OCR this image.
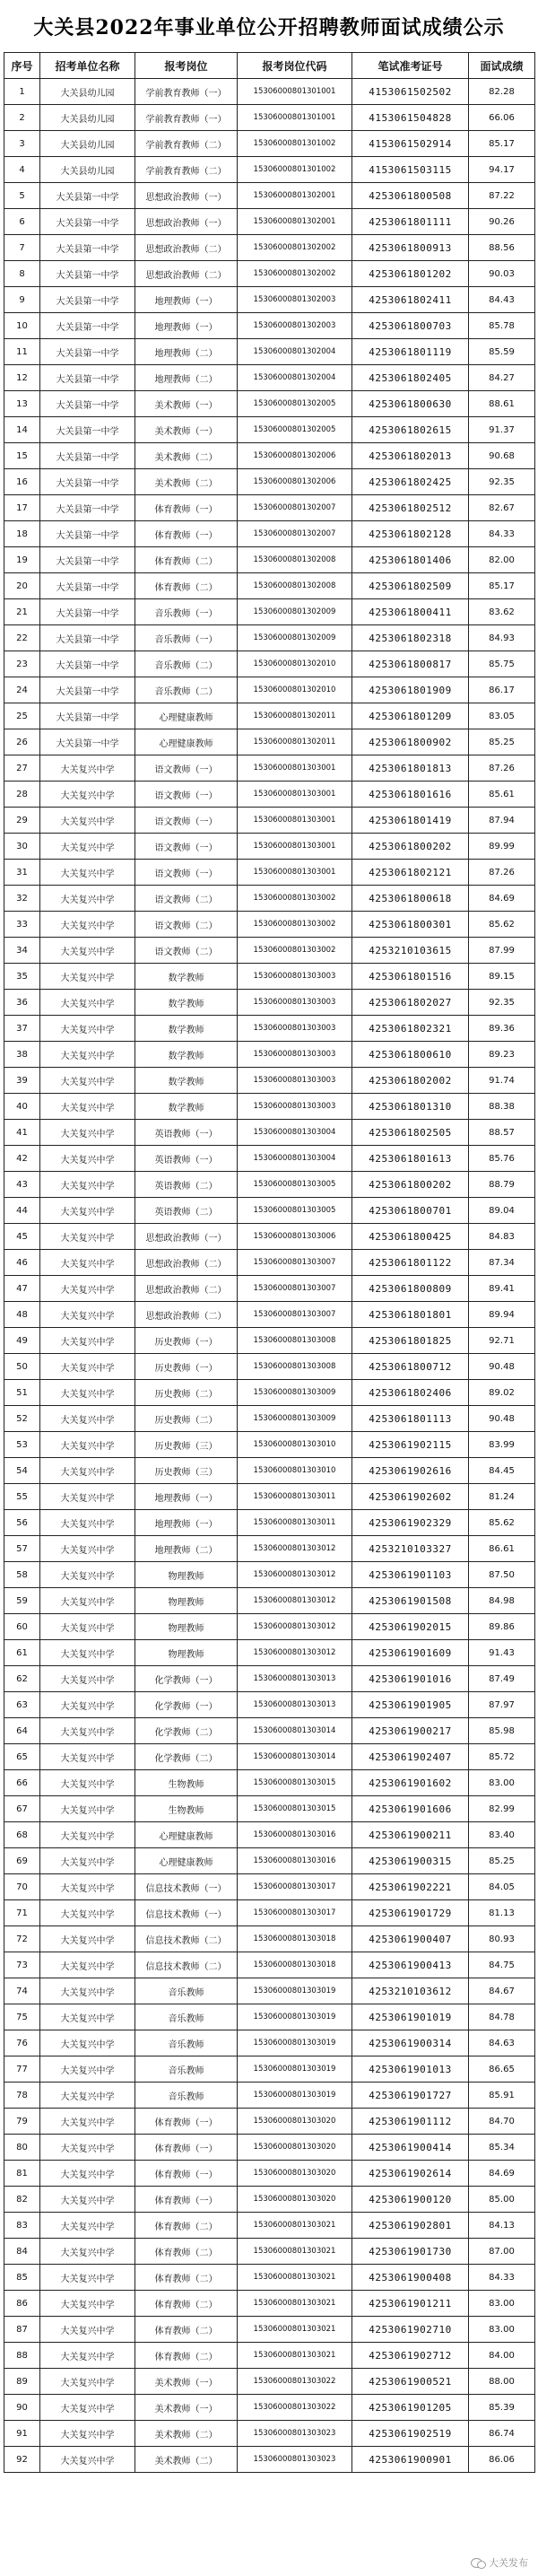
大关县2022年事业单位公开招聘教师面试成绩公示
序号	招考单位名称	报考岗位	报考岗位代码	笔试准考证号	面试成绩
1	大关县幼儿园	学前教育教师（一）	15306000801301001	4153061502502	82.28
2	大关县幼儿园	学前教育教师（一）	15306000801301001	4153061504828	66.06
3	大关县幼儿园	学前教育教师（二）	15306000801301002	4153061502914	85.17
4	大关县幼儿园	学前教育教师（二）	15306000801301002	4153061503115	94.17
5	大关县第一中学	思想政治教师（一）	15306000801302001	4253061800508	87.22
6	大关县第一中学	思想政治教师（一）	15306000801302001	4253061801111	90.26
7	大关县第一中学	思想政治教师（二）	15306000801302002	4253061800913	88.56
8	大关县第一中学	思想政治教师（二）	15306000801302002	4253061801202	90.03
9	大关县第一中学	地理教师（一）	15306000801302003	4253061802411	84.43
10	大关县第一中学	地理教师（一）	15306000801302003	4253061800703	85.78
11	大关县第一中学	地理教师（二）	15306000801302004	4253061801119	85.59
12	大关县第一中学	地理教师（二）	15306000801302004	4253061802405	84.27
13	大关县第一中学	美术教师（一）	15306000801302005	4253061800630	88.61
14	大关县第一中学	美术教师（一）	15306000801302005	4253061802615	91.37
15	大关县第一中学	美术教师（二）	15306000801302006	4253061802013	90.68
16	大关县第一中学	美术教师（二）	15306000801302006	4253061802425	92.35
17	大关县第一中学	体育教师（一）	15306000801302007	4253061802512	82.67
18	大关县第一中学	体育教师（一）	15306000801302007	4253061802128	84.33
19	大关县第一中学	体育教师（二）	15306000801302008	4253061801406	82.00
20	大关县第一中学	体育教师（二）	15306000801302008	4253061802509	85.17
21	大关县第一中学	音乐教师（一）	15306000801302009	4253061800411	83.62
22	大关县第一中学	音乐教师（一）	15306000801302009	4253061802318	84.93
23	大关县第一中学	音乐教师（二）	15306000801302010	4253061800817	85.75
24	大关县第一中学	音乐教师（二）	15306000801302010	4253061801909	86.17
25	大关县第一中学	心理健康教师	15306000801302011	4253061801209	83.05
26	大关县第一中学	心理健康教师	15306000801302011	4253061800902	85.25
27	大关复兴中学	语文教师（一）	15306000801303001	4253061801813	87.26
28	大关复兴中学	语文教师（一）	15306000801303001	4253061801616	85.61
29	大关复兴中学	语文教师（一）	15306000801303001	4253061801419	87.94
30	大关复兴中学	语文教师（一）	15306000801303001	4253061800202	89.99
31	大关复兴中学	语文教师（一）	15306000801303001	4253061802121	87.26
32	大关复兴中学	语文教师（二）	15306000801303002	4253061800618	84.69
33	大关复兴中学	语文教师（二）	15306000801303002	4253061800301	85.62
34	大关复兴中学	语文教师（二）	15306000801303002	4253210103615	87.99
35	大关复兴中学	数学教师	15306000801303003	4253061801516	89.15
36	大关复兴中学	数学教师	15306000801303003	4253061802027	92.35
37	大关复兴中学	数学教师	15306000801303003	4253061802321	89.36
38	大关复兴中学	数学教师	15306000801303003	4253061800610	89.23
39	大关复兴中学	数学教师	15306000801303003	4253061802002	91.74
40	大关复兴中学	数学教师	15306000801303003	4253061801310	88.38
41	大关复兴中学	英语教师（一）	15306000801303004	4253061802505	88.57
42	大关复兴中学	英语教师（一）	15306000801303004	4253061801613	85.76
43	大关复兴中学	英语教师（二）	15306000801303005	4253061800202	88.79
44	大关复兴中学	英语教师（二）	15306000801303005	4253061800701	89.04
45	大关复兴中学	思想政治教师（一）	15306000801303006	4253061800425	84.83
46	大关复兴中学	思想政治教师（二）	15306000801303007	4253061801122	87.34
47	大关复兴中学	思想政治教师（二）	15306000801303007	4253061800809	89.41
48	大关复兴中学	思想政治教师（二）	15306000801303007	4253061801801	89.94
49	大关复兴中学	历史教师（一）	15306000801303008	4253061801825	92.71
50	大关复兴中学	历史教师（一）	15306000801303008	4253061800712	90.48
51	大关复兴中学	历史教师（二）	15306000801303009	4253061802406	89.02
52	大关复兴中学	历史教师（二）	15306000801303009	4253061801113	90.48
53	大关复兴中学	历史教师（三）	15306000801303010	4253061902115	83.99
54	大关复兴中学	历史教师（三）	15306000801303010	4253061902616	84.45
55	大关复兴中学	地理教师（一）	15306000801303011	4253061902602	81.24
56	大关复兴中学	地理教师（一）	15306000801303011	4253061902329	85.62
57	大关复兴中学	地理教师（二）	15306000801303012	4253210103327	86.61
58	大关复兴中学	物理教师	15306000801303012	4253061901103	87.50
59	大关复兴中学	物理教师	15306000801303012	4253061901508	84.98
60	大关复兴中学	物理教师	15306000801303012	4253061902015	89.86
61	大关复兴中学	物理教师	15306000801303012	4253061901609	91.43
62	大关复兴中学	化学教师（一）	15306000801303013	4253061901016	87.49
63	大关复兴中学	化学教师（一）	15306000801303013	4253061901905	87.97
64	大关复兴中学	化学教师（二）	15306000801303014	4253061900217	85.98
65	大关复兴中学	化学教师（二）	15306000801303014	4253061902407	85.72
66	大关复兴中学	生物教师	15306000801303015	4253061901602	83.00
67	大关复兴中学	生物教师	15306000801303015	4253061901606	82.99
68	大关复兴中学	心理健康教师	15306000801303016	4253061900211	83.40
69	大关复兴中学	心理健康教师	15306000801303016	4253061900315	85.25
70	大关复兴中学	信息技术教师（一）	15306000801303017	4253061902221	84.05
71	大关复兴中学	信息技术教师（一）	15306000801303017	4253061901729	81.13
72	大关复兴中学	信息技术教师（二）	15306000801303018	4253061900407	80.93
73	大关复兴中学	信息技术教师（二）	15306000801303018	4253061900413	84.75
74	大关复兴中学	音乐教师	15306000801303019	4253210103612	84.67
75	大关复兴中学	音乐教师	15306000801303019	4253061901019	84.78
76	大关复兴中学	音乐教师	15306000801303019	4253061900314	84.63
77	大关复兴中学	音乐教师	15306000801303019	4253061901013	86.65
78	大关复兴中学	音乐教师	15306000801303019	4253061901727	85.91
79	大关复兴中学	体育教师（一）	15306000801303020	4253061901112	84.70
80	大关复兴中学	体育教师（一）	15306000801303020	4253061900414	85.34
81	大关复兴中学	体育教师（一）	15306000801303020	4253061902614	84.69
82	大关复兴中学	体育教师（一）	15306000801303020	4253061900120	85.00
83	大关复兴中学	体育教师（二）	15306000801303021	4253061902801	84.13
84	大关复兴中学	体育教师（二）	15306000801303021	4253061901730	87.00
85	大关复兴中学	体育教师（二）	15306000801303021	4253061900408	84.33
86	大关复兴中学	体育教师（二）	15306000801303021	4253061901211	83.00
87	大关复兴中学	体育教师（二）	15306000801303021	4253061902710	83.00
88	大关复兴中学	体育教师（二）	15306000801303021	4253061902712	84.00
89	大关复兴中学	美术教师（一）	15306000801303022	4253061900521	88.00
90	大关复兴中学	美术教师（一）	15306000801303022	4253061901205	85.39
91	大关复兴中学	美术教师（二）	15306000801303023	4253061902519	86.74
92	大关复兴中学	美术教师（二）	15306000801303023	4253061900901	86.06
大关发布
